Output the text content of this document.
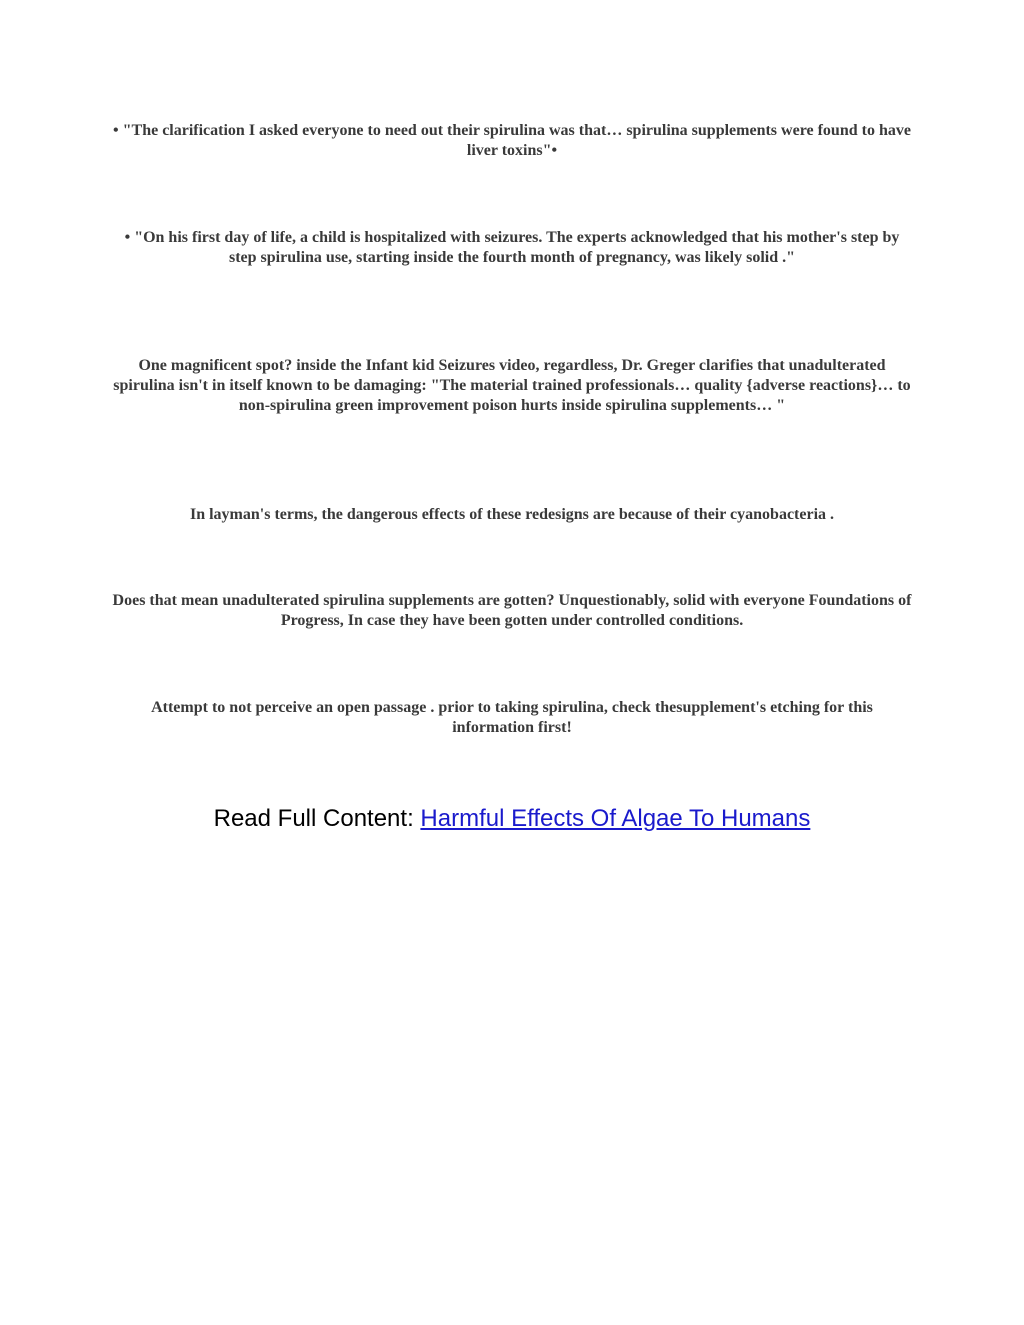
• "The clarification I asked everyone to need out their spirulina was that… spirulina supplements were found to have liver toxins"•

• "On his first day of life, a child is hospitalized with seizures. The experts acknowledged that his mother's step by step spirulina use, starting inside the fourth month of pregnancy, was likely solid ."

One magnificent spot? inside the Infant kid Seizures video, regardless, Dr. Greger clarifies that unadulterated spirulina isn't in itself known to be damaging: "The material trained professionals… quality {adverse reactions}… to non-spirulina green improvement poison hurts inside spirulina supplements… "

In layman's terms, the dangerous effects of these redesigns are because of their cyanobacteria .

Does that mean unadulterated spirulina supplements are gotten? Unquestionably, solid with everyone Foundations of Progress, In case they have been gotten under controlled conditions.

Attempt to not perceive an open passage . prior to taking spirulina, check thesupplement's etching for this information first!

Read Full Content: Harmful Effects Of Algae To Humans
